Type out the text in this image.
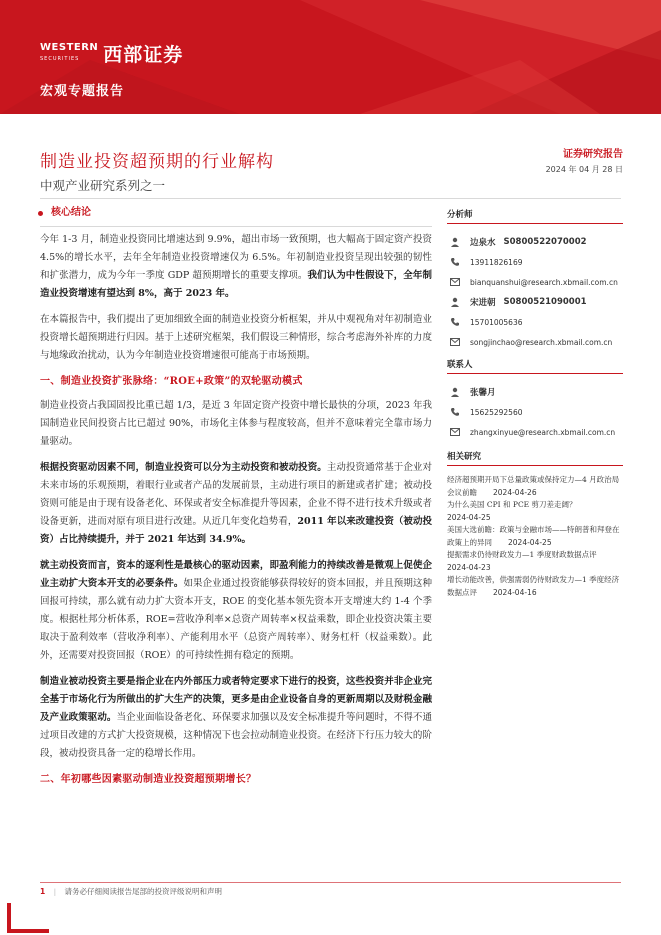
WESTERN
SECURITIES	西部证券
宏观专题报告
制造业投资超预期的行业解构
中观产业研究系列之一
证券研究报告
2024 年 04 月 28 日
核心结论
今年 1-3 月，制造业投资同比增速达到 9.9%，超出市场一致预期，也大幅高于固定资产投资 4.5%的增长水平，去年全年制造业投资增速仅为 6.5%。年初制造业投资呈现出较强的韧性和扩张潜力，成为今年一季度 GDP 超预期增长的重要支撑项。我们认为中性假设下，全年制造业投资增速有望达到 8%，高于 2023 年。
在本篇报告中，我们提出了更加细致全面的制造业投资分析框架，并从中观视角对年初制造业投资增长超预期进行归因。基于上述研究框架，我们假设三种情形，综合考虑海外补库的力度与地缘政治扰动，认为今年制造业投资增速很可能高于市场预期。
一、制造业投资扩张脉络：“ROE+政策”的双轮驱动模式
制造业投资占我国固投比重已超 1/3，是近 3 年固定资产投资中增长最快的分项，2023 年我国制造业民间投资占比已超过 90%，市场化主体参与程度较高，但并不意味着完全靠市场力量驱动。
根据投资驱动因素不同，制造业投资可以分为主动投资和被动投资。主动投资通常基于企业对未来市场的乐观预期，着眼行业或者产品的发展前景，主动进行项目的新建或者扩建；被动投资则可能是由于现有设备老化、环保或者安全标准提升等因素，企业不得不进行技术升级或者设备更新，进而对原有项目进行改建。从近几年变化趋势看，2011 年以来改建投资（被动投资）占比持续提升，并于 2021 年达到 34.9%。
就主动投资而言，资本的逐利性是最核心的驱动因素，即盈利能力的持续改善是微观上促使企业主动扩大资本开支的必要条件。如果企业通过投资能够获得较好的资本回报，并且预期这种回报可持续，那么就有动力扩大资本开支，ROE 的变化基本领先资本开支增速大约 1-4 个季度。根据杜邦分析体系，ROE=营收净利率×总资产周转率×权益乘数，即企业投资决策主要取决于盈利效率（营收净利率）、产能利用水平（总资产周转率）、财务杠杆（权益乘数）。此外，还需要对投资回报（ROE）的可持续性拥有稳定的预期。
制造业被动投资主要是指企业在内外部压力或者特定要求下进行的投资，这些投资并非企业完全基于市场化行为所做出的扩大生产的决策，更多是由企业设备自身的更新周期以及财税金融及产业政策驱动。当企业面临设备老化、环保要求加强以及安全标准提升等问题时，不得不通过项目改建的方式扩大投资规模，这种情况下也会拉动制造业投资。在经济下行压力较大的阶段，被动投资具备一定的稳增长作用。
二、年初哪些因素驱动制造业投资超预期增长？
分析师
边泉水 S0800522070002
13911826169
bianquanshui@research.xbmail.com.cn
宋进朝 S0800521090001
15701005636
songjinchao@research.xbmail.com.cn
联系人
张馨月
15625292560
zhangxinyue@research.xbmail.com.cn
相关研究
经济超预期开局下总量政策或保持定力—4 月政治局会议前瞻 2024-04-26
为什么美国 CPI 和 PCE 剪刀差走阔？
2024-04-25
美国大选前瞻：政策与金融市场——特朗普和拜登在政策上的异同 2024-04-25
提振需求仍待财政发力—1 季度财政数据点评
2024-04-23
增长动能改善，供强需弱仍待财政发力—1 季度经济数据点评 2024-04-16
1 | 请务必仔细阅读报告尾部的投资评级说明和声明
